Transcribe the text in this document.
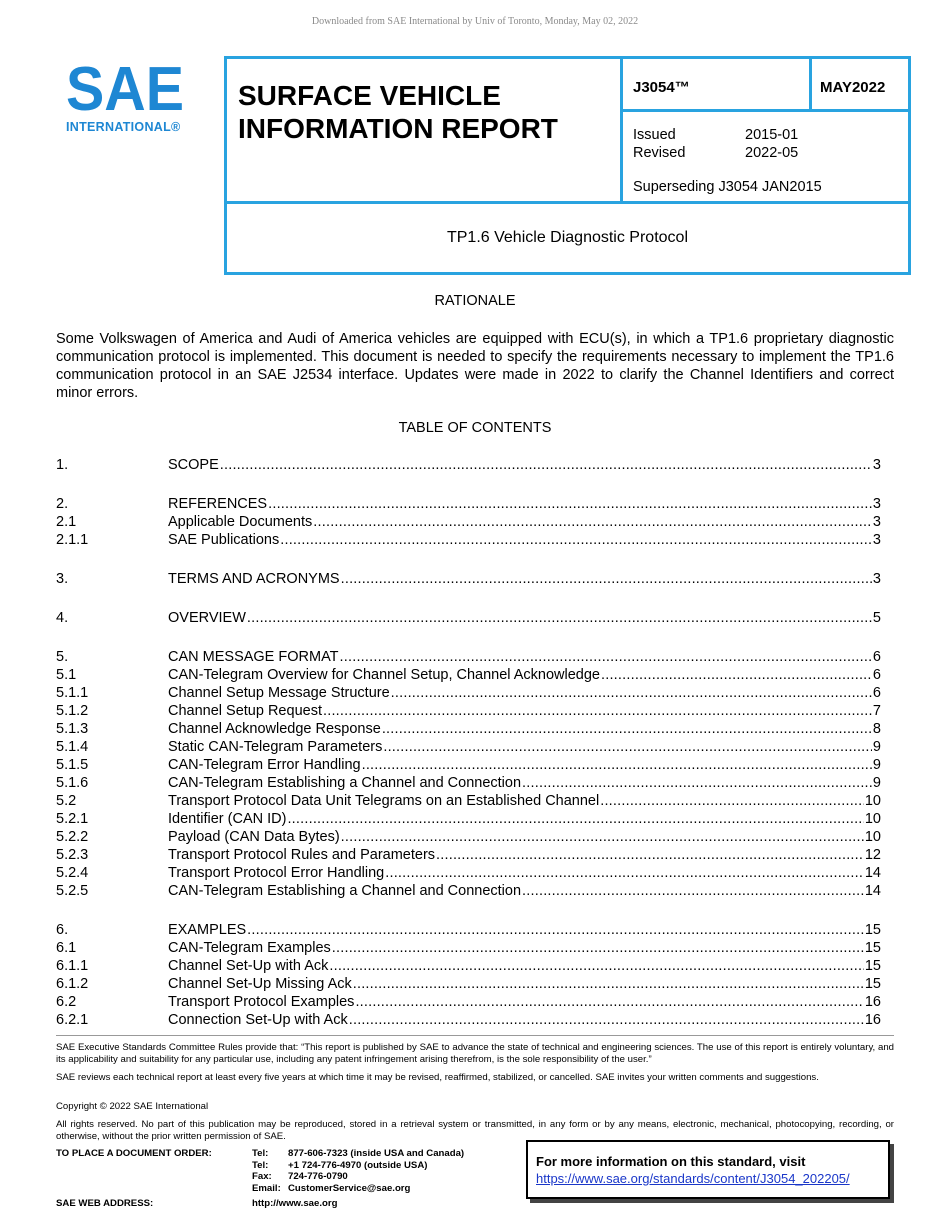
Downloaded from SAE International by Univ of Toronto, Monday, May 02, 2022
SAE
INTERNATIONAL®
SURFACE VEHICLE
INFORMATION REPORT
J3054™	MAY2022
Issued	2015-01
Revised	2022-05
Superseding J3054 JAN2015
TP1.6 Vehicle Diagnostic Protocol
RATIONALE
Some Volkswagen of America and Audi of America vehicles are equipped with ECU(s), in which a TP1.6 proprietary diagnostic communication protocol is implemented. This document is needed to specify the requirements necessary to implement the TP1.6 communication protocol in an SAE J2534 interface. Updates were made in 2022 to clarify the Channel Identifiers and correct minor errors.
TABLE OF CONTENTS
1.	SCOPE .....	3
2.	REFERENCES .....	3
2.1	Applicable Documents .....	3
2.1.1	SAE Publications .....	3
3.	TERMS AND ACRONYMS .....	3
4.	OVERVIEW .....	5
5.	CAN MESSAGE FORMAT .....	6
5.1	CAN-Telegram Overview for Channel Setup, Channel Acknowledge .....	6
5.1.1	Channel Setup Message Structure .....	6
5.1.2	Channel Setup Request .....	7
5.1.3	Channel Acknowledge Response .....	8
5.1.4	Static CAN-Telegram Parameters .....	9
5.1.5	CAN-Telegram Error Handling .....	9
5.1.6	CAN-Telegram Establishing a Channel and Connection .....	9
5.2	Transport Protocol Data Unit Telegrams on an Established Channel .....	10
5.2.1	Identifier (CAN ID) .....	10
5.2.2	Payload (CAN Data Bytes) .....	10
5.2.3	Transport Protocol Rules and Parameters .....	12
5.2.4	Transport Protocol Error Handling .....	14
5.2.5	CAN-Telegram Establishing a Channel and Connection .....	14
6.	EXAMPLES .....	15
6.1	CAN-Telegram Examples .....	15
6.1.1	Channel Set-Up with Ack .....	15
6.1.2	Channel Set-Up Missing Ack .....	15
6.2	Transport Protocol Examples .....	16
6.2.1	Connection Set-Up with Ack .....	16
SAE Executive Standards Committee Rules provide that: “This report is published by SAE to advance the state of technical and engineering sciences. The use of this report is entirely voluntary, and its applicability and suitability for any particular use, including any patent infringement arising therefrom, is the sole responsibility of the user.”
SAE reviews each technical report at least every five years at which time it may be revised, reaffirmed, stabilized, or cancelled. SAE invites your written comments and suggestions.
Copyright © 2022 SAE International
All rights reserved. No part of this publication may be reproduced, stored in a retrieval system or transmitted, in any form or by any means, electronic, mechanical, photocopying, recording, or otherwise, without the prior written permission of SAE.
TO PLACE A DOCUMENT ORDER:	Tel: 877-606-7323 (inside USA and Canada)
Tel: +1 724-776-4970 (outside USA)
Fax: 724-776-0790
Email: CustomerService@sae.org
SAE WEB ADDRESS:	http://www.sae.org
For more information on this standard, visit
https://www.sae.org/standards/content/J3054_202205/
